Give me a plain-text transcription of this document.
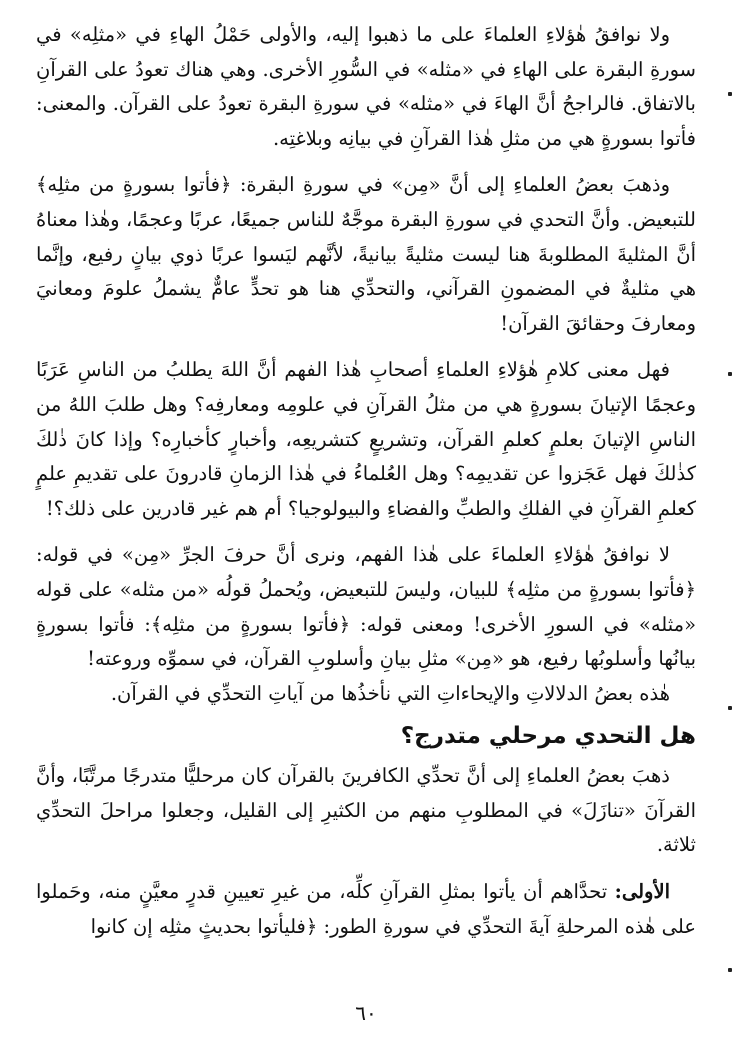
ولا نوافقُ هٰؤلاءِ العلماءَ على ما ذهبوا إليه، والأولى حَمْلُ الهاءِ في «مثلِه» في سورةِ البقرة على الهاءِ في «مثله» في السُّورِ الأخرى. وهي هناك تعودُ على القرآنِ بالاتفاق. فالراجحُ أنَّ الهاءَ في «مثله» في سورةِ البقرة تعودُ على القرآن. والمعنى: فأتوا بسورةٍ هي من مثلِ هٰذا القرآنِ في بيانِه وبلاغتِه.

وذهبَ بعضُ العلماءِ إلى أنَّ «مِن» في سورةِ البقرة: ﴿فأتوا بسورةٍ من مثلِه﴾ للتبعيض. وأنَّ التحدي في سورةِ البقرة موجَّهٌ للناس جميعًا، عربًا وعجمًا، وهٰذا معناهُ أنَّ المثليةَ المطلوبةَ هنا ليست مثليةً بيانيةً، لأنَّهم ليَسوا عربًا ذوي بيانٍ رفيع، وإنَّما هي مثليةٌ في المضمونِ القرآني، والتحدِّي هنا هو تحدٍّ عامٌّ يشملُ علومَ ومعانيَ ومعارفَ وحقائقَ القرآن!

فهل معنى كلامِ هٰؤلاءِ العلماءِ أصحابِ هٰذا الفهم أنَّ اللهَ يطلبُ من الناسِ عَرَبًا وعجمًا الإتيانَ بسورةٍ هي من مثلُ القرآنِ في علومِه ومعارفِه؟ وهل طلبَ اللهُ من الناسِ الإتيانَ بعلمٍ كعلمِ القرآن، وتشريعٍ كتشريعِه، وأخبارٍ كأخبارِه؟ وإذا كانَ ذٰلكَ كذٰلكَ فهل عَجَزوا عن تقديمِه؟ وهل العُلماءُ في هٰذا الزمانِ قادرونَ على تقديمِ علمٍ كعلمِ القرآنِ في الفلكِ والطبِّ والفضاءِ والبيولوجيا؟ أم هم غير قادرين على ذلك؟!

لا نوافقُ هٰؤلاءِ العلماءَ على هٰذا الفهم، ونرى أنَّ حرفَ الجرِّ «مِن» في قوله: ﴿فأتوا بسورةٍ من مثلِه﴾ للبيان، وليسَ للتبعيض، ويُحملُ قولُه «من مثله» على قوله «مثله» في السورِ الأخرى! ومعنى قوله: ﴿فأتوا بسورةٍ من مثلِه﴾: فأتوا بسورةٍ بيانُها وأسلوبُها رفيع، هو «مِن» مثلِ بيانِ وأسلوبِ القرآن، في سموِّه وروعته!

هٰذه بعضُ الدلالاتِ والإيحاءاتِ التي نأخذُها من آياتِ التحدِّي في القرآن.

هل التحدي مرحلي متدرج؟

ذهبَ بعضُ العلماءِ إلى أنَّ تحدِّي الكافرينَ بالقرآن كان مرحليًّا متدرجًا مرتَّبًا، وأنَّ القرآنَ «تنازَلَ» في المطلوبِ منهم من الكثيرِ إلى القليل، وجعلوا مراحلَ التحدِّي ثلاثة.

الأولى: تحدَّاهم أن يأتوا بمثلِ القرآنِ كلِّه، من غيرِ تعيينِ قدرٍ معيَّنٍ منه، وحَملوا على هٰذه المرحلةِ آيةَ التحدِّي في سورةِ الطور: ﴿فليأتوا بحديثٍ مثلِه إن كانوا

٦٠
